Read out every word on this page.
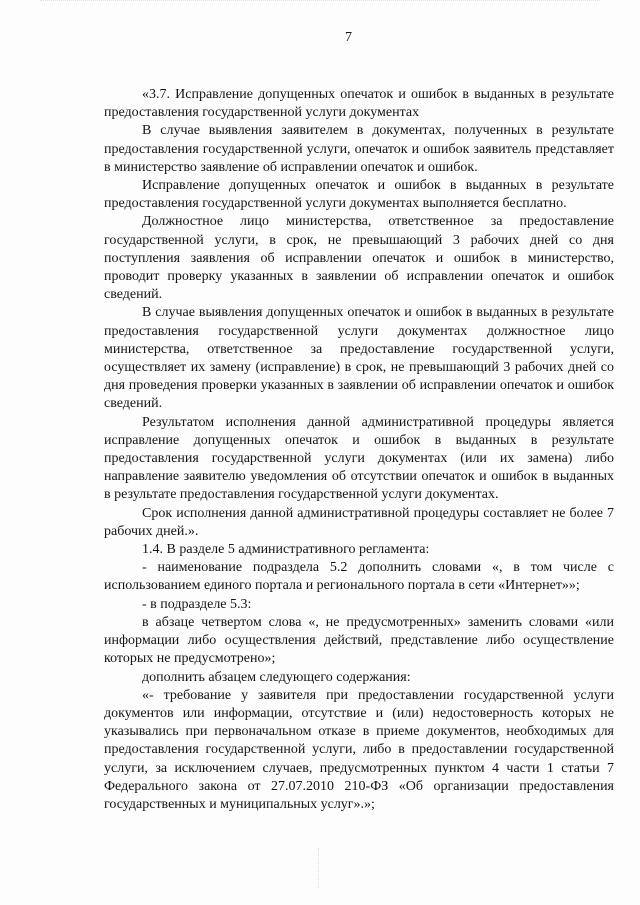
7

«3.7. Исправление допущенных опечаток и ошибок в выданных в результате предоставления государственной услуги документах

В случае выявления заявителем в документах, полученных в результате предоставления государственной услуги, опечаток и ошибок заявитель представляет в министерство заявление об исправлении опечаток и ошибок.

Исправление допущенных опечаток и ошибок в выданных в результате предоставления государственной услуги документах выполняется бесплатно.

Должностное лицо министерства, ответственное за предоставление государственной услуги, в срок, не превышающий 3 рабочих дней со дня поступления заявления об исправлении опечаток и ошибок в министерство, проводит проверку указанных в заявлении об исправлении опечаток и ошибок сведений.

В случае выявления допущенных опечаток и ошибок в выданных в результате предоставления государственной услуги документах должностное лицо министерства, ответственное за предоставление государственной услуги, осуществляет их замену (исправление) в срок, не превышающий 3 рабочих дней со дня проведения проверки указанных в заявлении об исправлении опечаток и ошибок сведений.

Результатом исполнения данной административной процедуры является исправление допущенных опечаток и ошибок в выданных в результате предоставления государственной услуги документах (или их замена) либо направление заявителю уведомления об отсутствии опечаток и ошибок в выданных в результате предоставления государственной услуги документах.

Срок исполнения данной административной процедуры составляет не более 7 рабочих дней.».

1.4. В разделе 5 административного регламента:

- наименование подраздела 5.2 дополнить словами «, в том числе с использованием единого портала и регионального портала в сети «Интернет»»;

- в подразделе 5.3:

в абзаце четвертом слова «, не предусмотренных» заменить словами «или информации либо осуществления действий, представление либо осуществление которых не предусмотрено»;

дополнить абзацем следующего содержания:

«- требование у заявителя при предоставлении государственной услуги документов или информации, отсутствие и (или) недостоверность которых не указывались при первоначальном отказе в приеме документов, необходимых для предоставления государственной услуги, либо в предоставлении государственной услуги, за исключением случаев, предусмотренных пунктом 4 части 1 статьи 7 Федерального закона от 27.07.2010 210-ФЗ «Об организации предоставления государственных и муниципальных услуг».»;
